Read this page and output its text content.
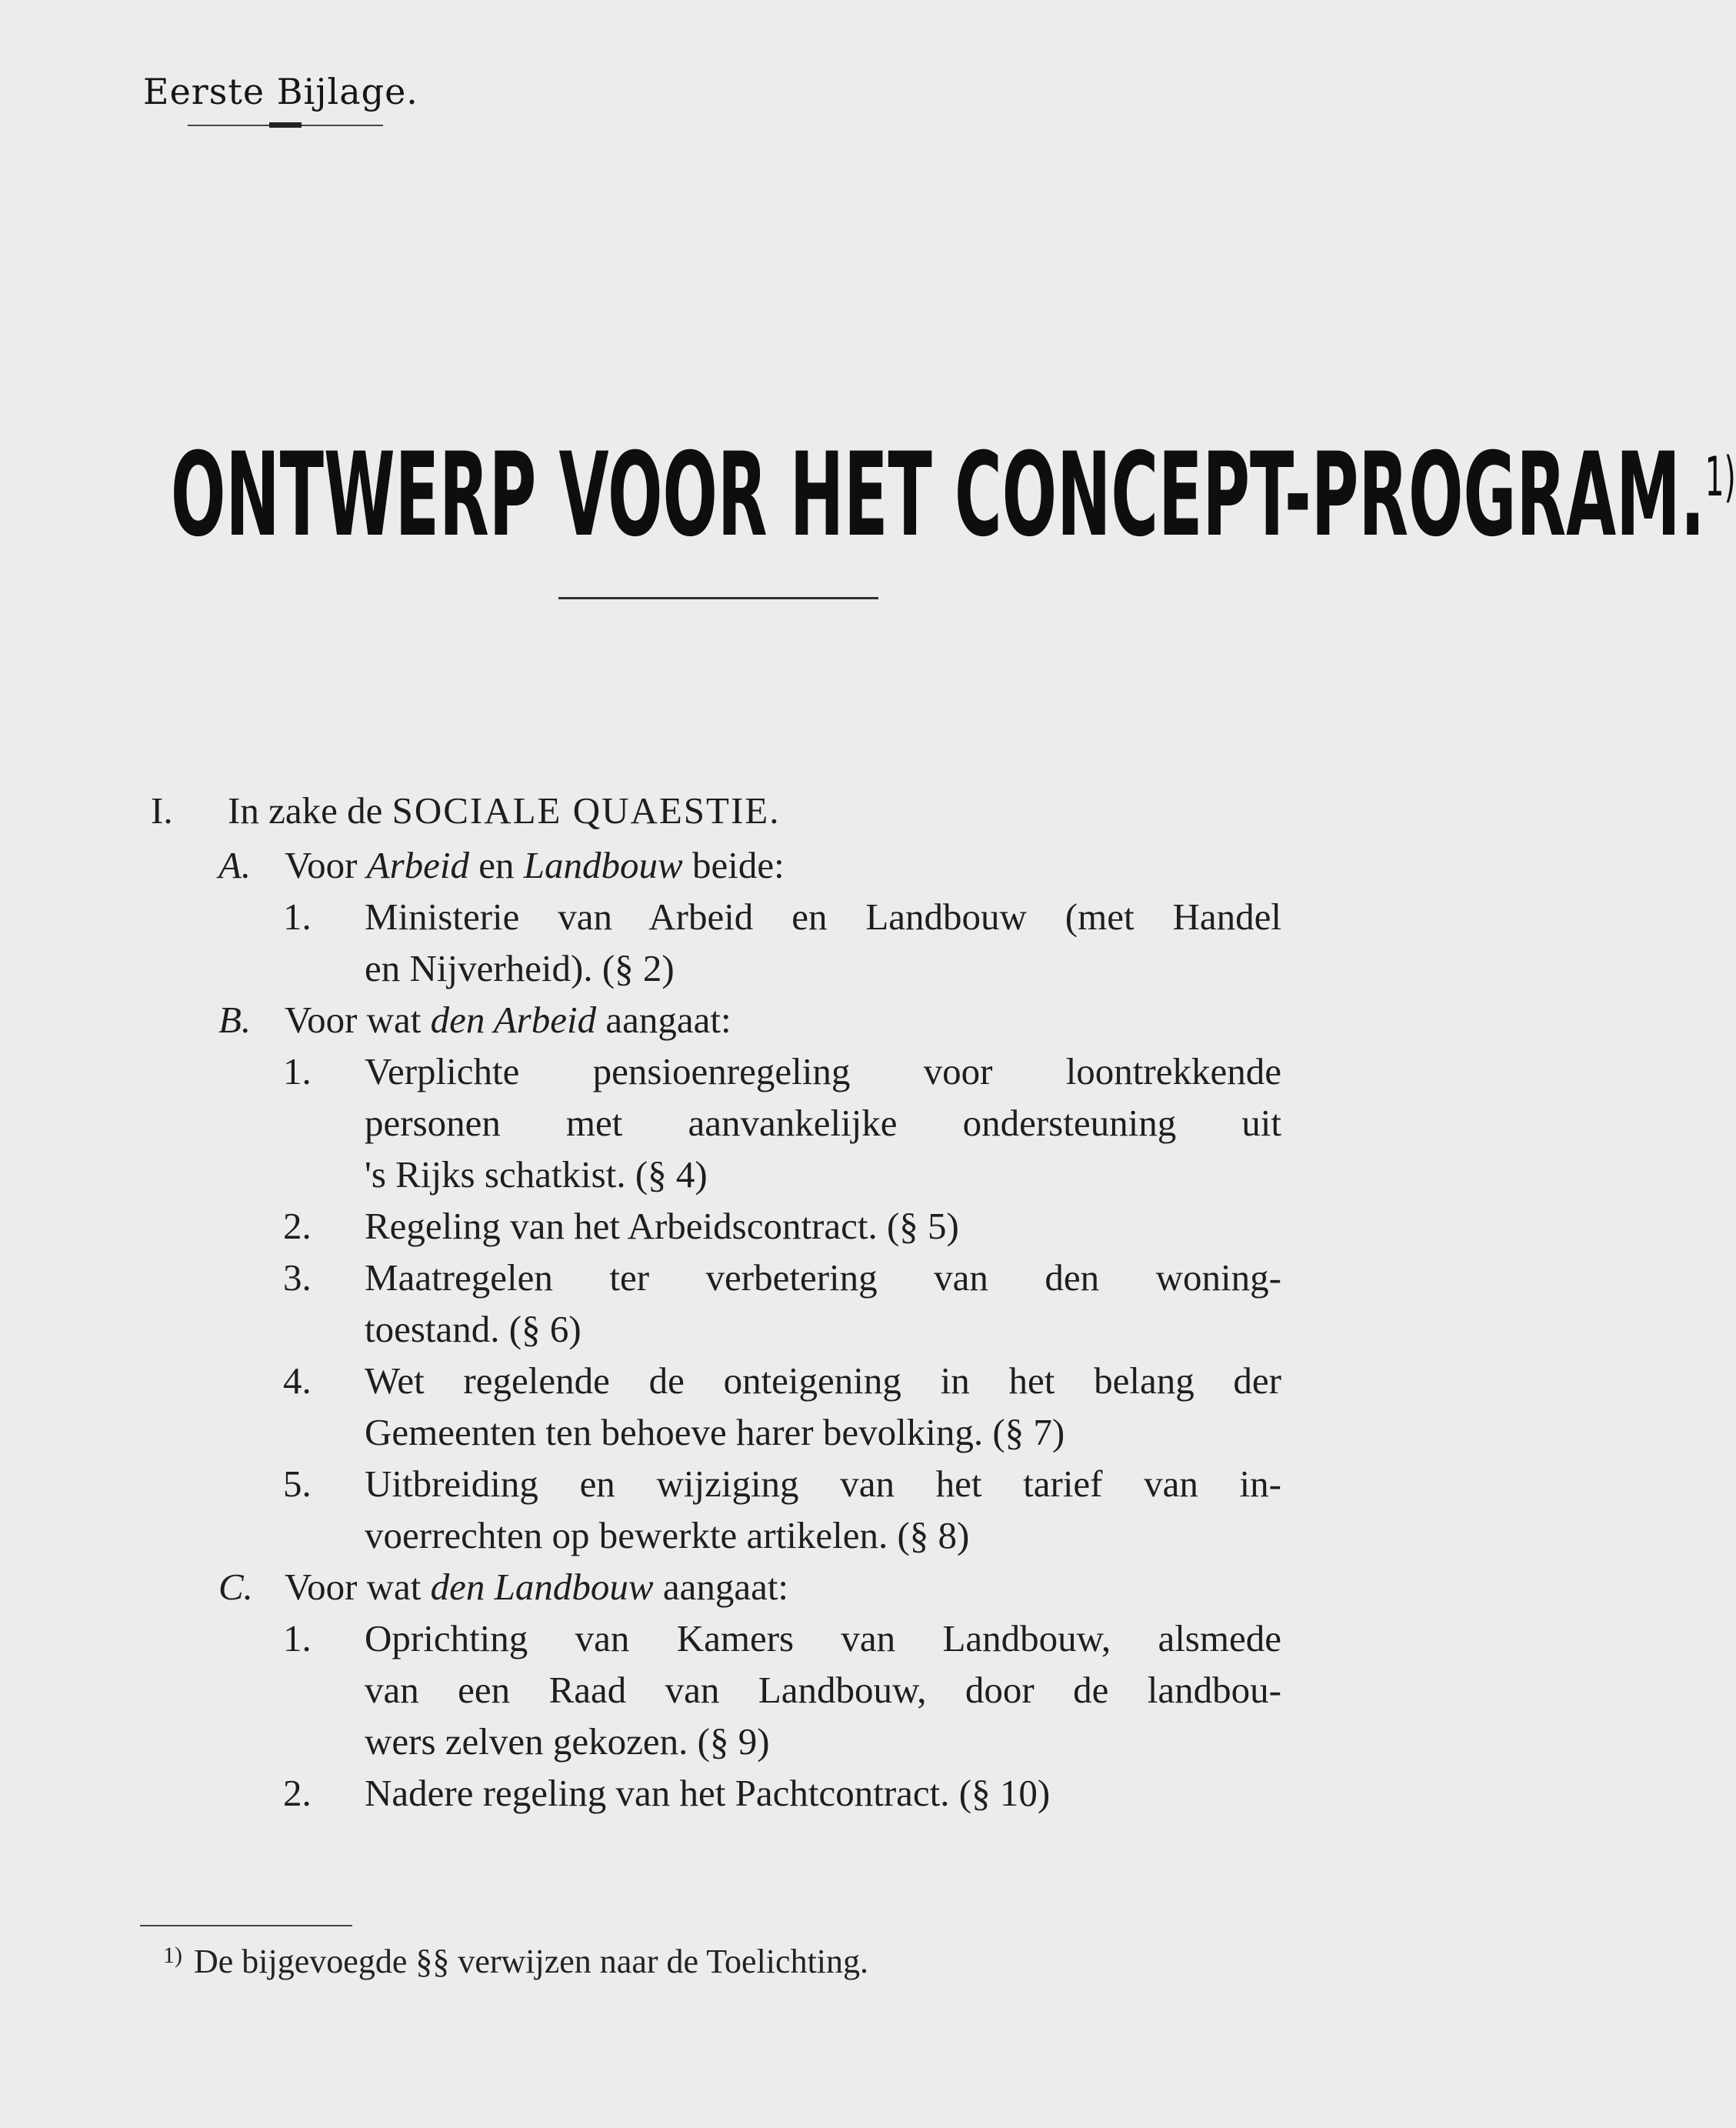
Eerste Bijlage.
ONTWERP VOOR HET CONCEPT-PROGRAM.$^{1)}$
I.	In zake de SOCIALE QUAESTIE.
A. Voor Arbeid en Landbouw beide:
1.	Ministerie van Arbeid en Landbouw (met Handel
en Nijverheid). (§ 2)
B. Voor wat den Arbeid aangaat:
1.	Verplichte pensioenregeling voor loontrekkende
personen met aanvankelijke ondersteuning uit
's Rijks schatkist. (§ 4)
2.	Regeling van het Arbeidscontract. (§ 5)
3.	Maatregelen ter verbetering van den woning-
toestand. (§ 6)
4.	Wet regelende de onteigening in het belang der
Gemeenten ten behoeve harer bevolking. (§ 7)
5.	Uitbreiding en wijziging van het tarief van in-
voerrechten op bewerkte artikelen. (§ 8)
C. Voor wat den Landbouw aangaat:
1.	Oprichting van Kamers van Landbouw, alsmede
van een Raad van Landbouw, door de landbou-
wers zelven gekozen. (§ 9)
2.	Nadere regeling van het Pachtcontract. (§ 10)
1) De bijgevoegde §§ verwijzen naar de Toelichting.
